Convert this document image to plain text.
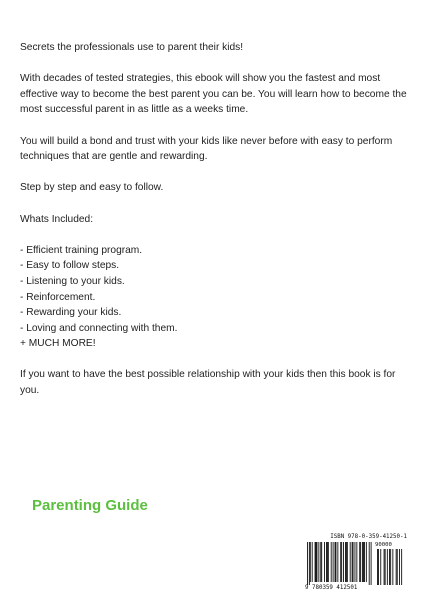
Secrets the professionals use to parent their kids!

With decades of tested strategies, this ebook will show you the fastest and most effective way to become the best parent you can be. You will learn how to become the most successful parent in as little as a weeks time.

You will build a bond and trust with your kids like never before with easy to perform techniques that are gentle and rewarding.

Step by step and easy to follow.

Whats Included:

- Efficient training program.
- Easy to follow steps.
- Listening to your kids.
- Reinforcement.
- Rewarding your kids.
- Loving and connecting with them.
+ MUCH MORE!

If you want to have the best possible relationship with your kids then this book is for you.

Parenting Guide
ISBN 978-0-359-41250-1
90000
9 780359 412501
